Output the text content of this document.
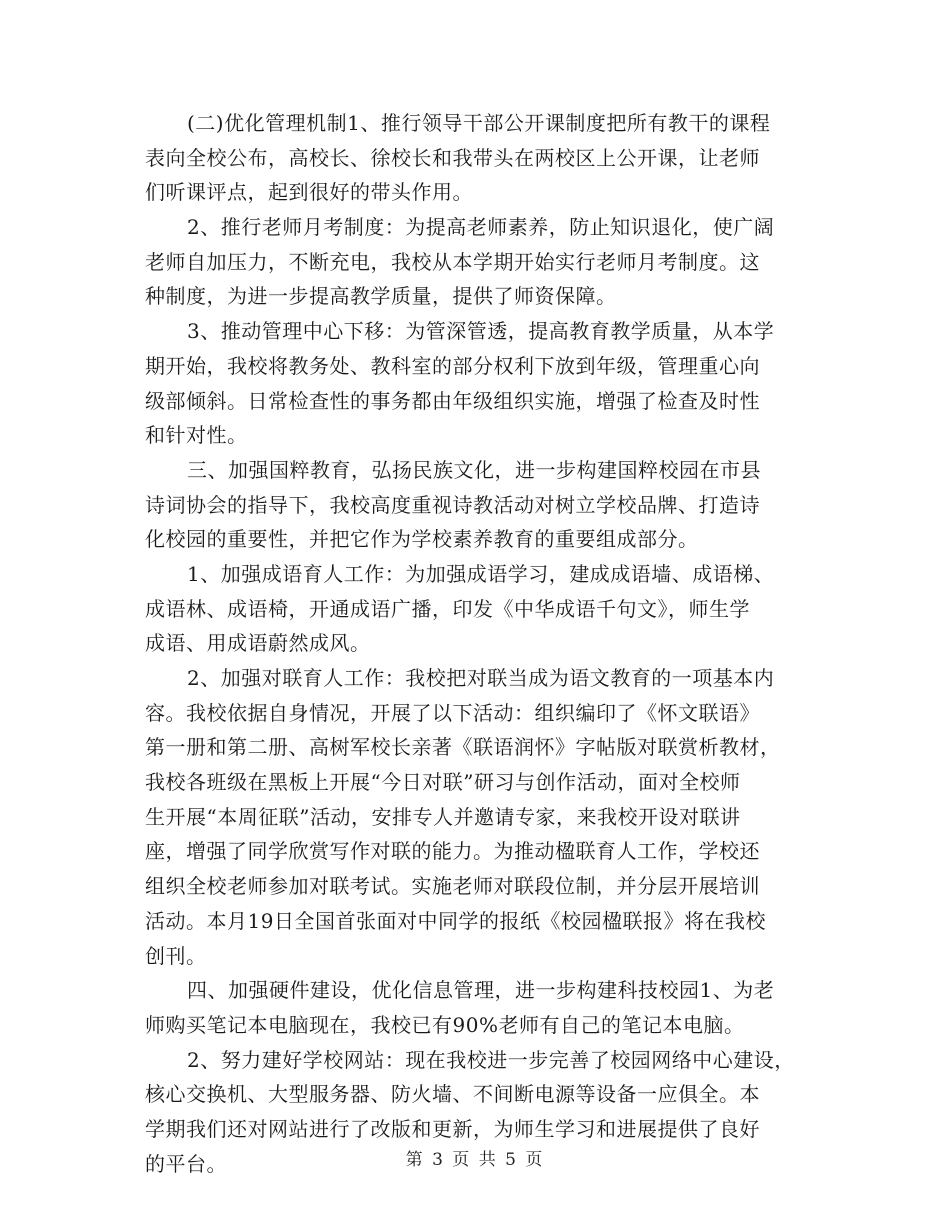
(二)优化管理机制1、推行领导干部公开课制度把所有教干的课程
表向全校公布，高校长、徐校长和我带头在两校区上公开课，让老师
们听课评点，起到很好的带头作用。
2、推行老师月考制度：为提高老师素养，防止知识退化，使广阔
老师自加压力，不断充电，我校从本学期开始实行老师月考制度。这
种制度，为进一步提高教学质量，提供了师资保障。
3、推动管理中心下移：为管深管透，提高教育教学质量，从本学
期开始，我校将教务处、教科室的部分权利下放到年级，管理重心向
级部倾斜。日常检查性的事务都由年级组织实施，增强了检查及时性
和针对性。
三、加强国粹教育，弘扬民族文化，进一步构建国粹校园在市县
诗词协会的指导下，我校高度重视诗教活动对树立学校品牌、打造诗
化校园的重要性，并把它作为学校素养教育的重要组成部分。
1、加强成语育人工作：为加强成语学习，建成成语墙、成语梯、
成语林、成语椅，开通成语广播，印发《中华成语千句文》，师生学
成语、用成语蔚然成风。
2、加强对联育人工作：我校把对联当成为语文教育的一项基本内
容。我校依据自身情况，开展了以下活动：组织编印了《怀文联语》
第一册和第二册、高树军校长亲著《联语润怀》字帖版对联赏析教材，
我校各班级在黑板上开展“今日对联”研习与创作活动，面对全校师
生开展“本周征联”活动，安排专人并邀请专家，来我校开设对联讲
座，增强了同学欣赏写作对联的能力。为推动楹联育人工作，学校还
组织全校老师参加对联考试。实施老师对联段位制，并分层开展培训
活动。本月19日全国首张面对中同学的报纸《校园楹联报》将在我校
创刊。
四、加强硬件建设，优化信息管理，进一步构建科技校园1、为老
师购买笔记本电脑现在，我校已有90%老师有自己的笔记本电脑。
2、努力建好学校网站：现在我校进一步完善了校园网络中心建设，
核心交换机、大型服务器、防火墙、不间断电源等设备一应俱全。本
学期我们还对网站进行了改版和更新，为师生学习和进展提供了良好
的平台。	第 3 页 共 5 页
